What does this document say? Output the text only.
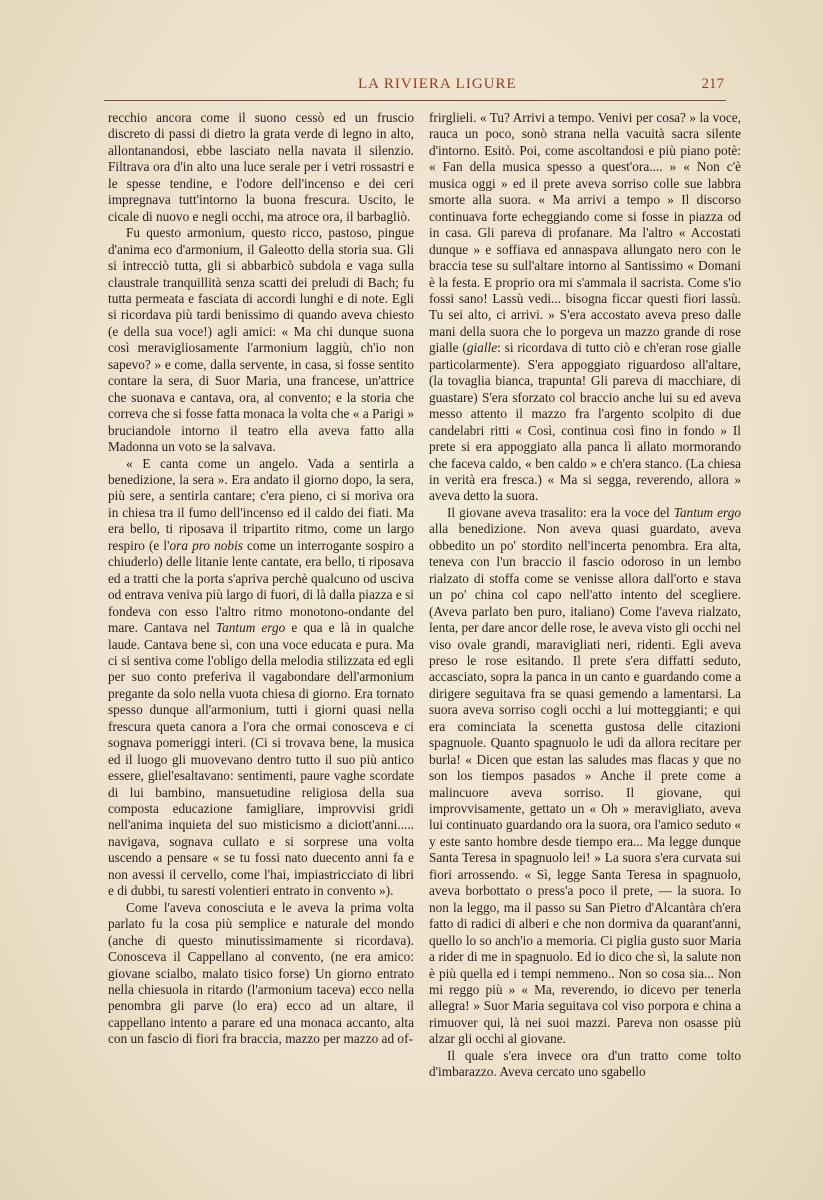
LA RIVIERA LIGURE	217

recchio ancora come il suono cessò ed un fruscio discreto di passi di dietro la grata verde di legno in alto, allontanandosi, ebbe lasciato nella navata il silenzio. Filtrava ora d'in alto una luce serale per i vetri rossastri e le spesse tendine, e l'odore dell'incenso e dei ceri impregnava tutt'intorno la buona frescura. Uscito, le cicale di nuovo e negli occhi, ma atroce ora, il barbagliò.

Fu questo armonium, questo ricco, pastoso, pingue d'anima eco d'armonium, il Galeotto della storia sua. Gli si intrecciò tutta, gli si abbarbicò subdola e vaga sulla claustrale tranquillità senza scatti dei preludi di Bach; fu tutta permeata e fasciata di accordi lunghi e di note. Egli si ricordava più tardi benissimo di quando aveva chiesto (e della sua voce!) agli amici: « Ma chi dunque suona così meravigliosamente l'armonium laggiù, ch'io non sapevo? » e come, dalla servente, in casa, si fosse sentito contare la sera, di Suor Maria, una francese, un'attrice che suonava e cantava, ora, al convento; e la storia che correva che si fosse fatta monaca la volta che « a Parigi » bruciandole intorno il teatro ella aveva fatto alla Madonna un voto se la salvava.

« E canta come un angelo. Vada a sentirla a benedizione, la sera ». Era andato il giorno dopo, la sera, più sere, a sentirla cantare; c'era pieno, ci si moriva ora in chiesa tra il fumo dell'incenso ed il caldo dei fiati. Ma era bello, ti riposava il tripartito ritmo, come un largo respiro (e l'ora pro nobis come un interrogante sospiro a chiuderlo) delle litanie lente cantate, era bello, ti riposava ed a tratti che la porta s'apriva perchè qualcuno od usciva od entrava veniva più largo di fuori, di là dalla piazza e si fondeva con esso l'altro ritmo monotono-ondante del mare. Cantava nel Tantum ergo e qua e là in qualche laude. Cantava bene sì, con una voce educata e pura. Ma ci si sentiva come l'obligo della melodia stilizzata ed egli per suo conto preferiva il vagabondare dell'armonium pregante da solo nella vuota chiesa di giorno. Era tornato spesso dunque all'armonium, tutti i giorni quasi nella frescura queta canora a l'ora che ormai conosceva e ci sognava pomeriggi interi. (Ci si trovava bene, la musica ed il luogo gli muovevano dentro tutto il suo più antico essere, gliel'esaltavano: sentimenti, paure vaghe scordate di lui bambino, mansuetudine religiosa della sua composta educazione famigliare, improvvisi gridi nell'anima inquieta del suo misticismo a diciott'anni..... navigava, sognava cullato e si sorprese una volta uscendo a pensare « se tu fossi nato duecento anni fa e non avessi il cervello, come l'hai, impiastricciato di libri e di dubbi, tu saresti volentieri entrato in convento »).

Come l'aveva conosciuta e le aveva la prima volta parlato fu la cosa più semplice e naturale del mondo (anche di questo minutissimamente si ricordava). Conosceva il Cappellano al convento, (ne era amico: giovane scialbo, malato tisico forse) Un giorno entrato nella chiesuola in ritardo (l'armonium taceva) ecco nella penombra gli parve (lo era) ecco ad un altare, il cappellano intento a parare ed una monaca accanto, alta con un fascio di fiori fra braccia, mazzo per mazzo ad of-

frirglieli. « Tu? Arrivi a tempo. Venivi per cosa? » la voce, rauca un poco, sonò strana nella vacuità sacra silente d'intorno. Esitò. Poi, come ascoltandosi e più piano potè: « Fan della musica spesso a quest'ora.... » « Non c'è musica oggi » ed il prete aveva sorriso colle sue labbra smorte alla suora. « Ma arrivi a tempo » Il discorso continuava forte echeggiando come si fosse in piazza od in casa. Gli pareva di profanare. Ma l'altro « Accostati dunque » e soffiava ed annaspava allungato nero con le braccia tese su sull'altare intorno al Santissimo « Domani è la festa. E proprio ora mi s'ammala il sacrista. Come s'io fossi sano! Lassù vedi... bisogna ficcar questi fiori lassù. Tu sei alto, ci arrivi. » S'era accostato aveva preso dalle mani della suora che lo porgeva un mazzo grande di rose gialle (gialle: si ricordava di tutto ciò e ch'eran rose gialle particolarmente). S'era appoggiato riguardoso all'altare, (la tovaglia bianca, trapunta! Gli pareva di macchiare, di guastare) S'era sforzato col braccio anche lui su ed aveva messo attento il mazzo fra l'argento scolpito di due candelabri ritti « Così, continua così fino in fondo » Il prete si era appoggiato alla panca lì allato mormorando che faceva caldo, « ben caldo » e ch'era stanco. (La chiesa in verità era fresca.) « Ma si segga, reverendo, allora » aveva detto la suora.

Il giovane aveva trasalito: era la voce del Tantum ergo alla benedizione. Non aveva quasi guardato, aveva obbedito un po' stordito nell'incerta penombra. Era alta, teneva con l'un braccio il fascio odoroso in un lembo rialzato di stoffa come se venisse allora dall'orto e stava un po' china col capo nell'atto intento del scegliere. (Aveva parlato ben puro, italiano) Come l'aveva rialzato, lenta, per dare ancor delle rose, le aveva visto gli occhi nel viso ovale grandi, maravigliati neri, ridenti. Egli aveva preso le rose esitando. Il prete s'era diffatti seduto, accasciato, sopra la panca in un canto e guardando come a dirigere seguitava fra se quasi gemendo a lamentarsi. La suora aveva sorriso cogli occhi a lui motteggianti; e qui era cominciata la scenetta gustosa delle citazioni spagnuole. Quanto spagnuolo le udì da allora recitare per burla! « Dicen que estan las saludes mas flacas y que no son los tiempos pasados » Anche il prete come a malincuore aveva sorriso. Il giovane, qui improvvisamente, gettato un « Oh » meravigliato, aveva lui continuato guardando ora la suora, ora l'amico seduto « y este santo hombre desde tiempo era... Ma legge dunque Santa Teresa in spagnuolo lei! » La suora s'era curvata sui fiori arrossendo. « Sì, legge Santa Teresa in spagnuolo, aveva borbottato o press'a poco il prete, — la suora. Io non la leggo, ma il passo su San Pietro d'Alcantàra ch'era fatto di radici di alberi e che non dormiva da quarant'anni, quello lo so anch'io a memoria. Ci piglia gusto suor Maria a rider di me in spagnuolo. Ed io dico che sì, la salute non è più quella ed i tempi nemmeno.. Non so cosa sia... Non mi reggo più » « Ma, reverendo, io dicevo per tenerla allegra! » Suor Maria seguitava col viso porpora e china a rimuover qui, là nei suoi mazzi. Pareva non osasse più alzar gli occhi al giovane.

Il quale s'era invece ora d'un tratto come tolto d'imbarazzo. Aveva cercato uno sgabello
